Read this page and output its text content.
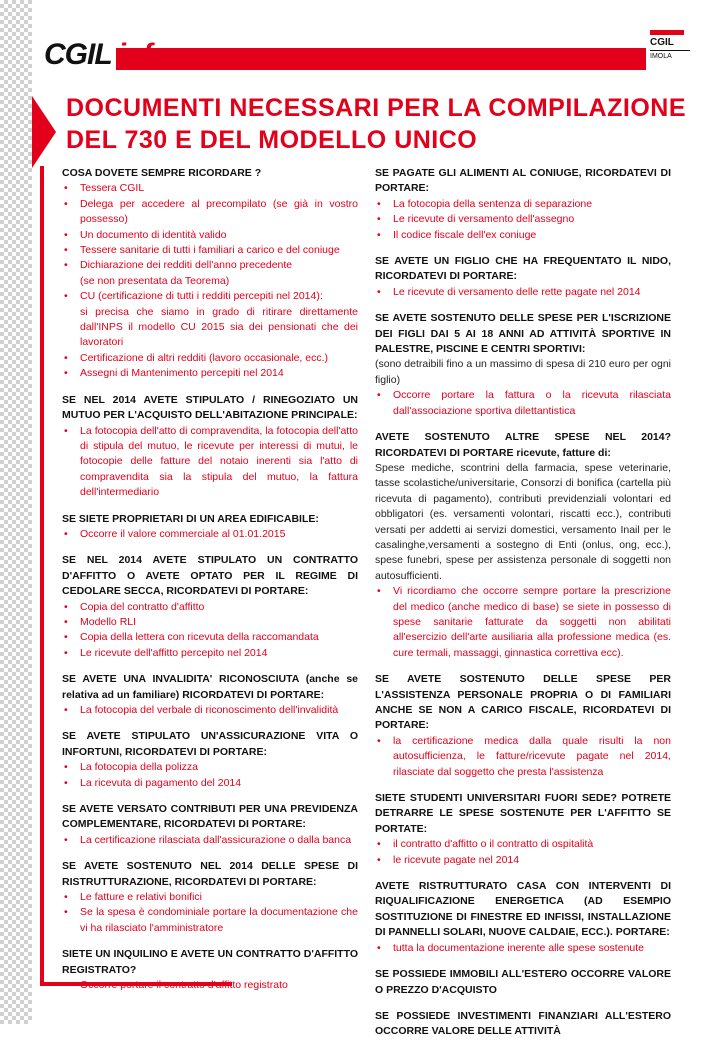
CGIL informa	CGIL
IMOLA
DOCUMENTI NECESSARI PER LA COMPILAZIONE
DEL 730 E DEL MODELLO UNICO
COSA DOVETE SEMPRE RICORDARE ?
• Tessera CGIL
• Delega per accedere al precompilato (se già in vostro possesso)
• Un documento di identità valido
• Tessere sanitarie di tutti i familiari a carico e del coniuge
• Dichiarazione dei redditi dell'anno precedente
(se non presentata da Teorema)
• CU (certificazione di tutti i redditi percepiti nel 2014):
si precisa che siamo in grado di ritirare direttamente dall'INPS il modello CU 2015 sia dei pensionati che dei lavoratori
• Certificazione di altri redditi (lavoro occasionale, ecc.)
• Assegni di Mantenimento percepiti nel 2014
SE NEL 2014 AVETE STIPULATO / RINEGOZIATO UN MUTUO PER L'ACQUISTO DELL'ABITAZIONE PRINCIPALE:
• La fotocopia dell'atto di compravendita, la fotocopia dell'atto di stipula del mutuo, le ricevute per interessi di mutui, le fotocopie delle fatture del notaio inerenti sia l'atto di compravendita sia la stipula del mutuo, la fattura dell'intermediario
SE SIETE PROPRIETARI DI UN AREA EDIFICABILE:
• Occorre il valore commerciale al 01.01.2015
SE NEL 2014 AVETE STIPULATO UN CONTRATTO D'AFFITTO O AVETE OPTATO PER IL REGIME DI CEDOLARE SECCA, RICORDATEVI DI PORTARE:
• Copia del contratto d'affitto
• Modello RLI
• Copia della lettera con ricevuta della raccomandata
• Le ricevute dell'affitto percepito nel 2014
SE AVETE UNA INVALIDITA' RICONOSCIUTA (anche se relativa ad un familiare) RICORDATEVI DI PORTARE:
• La fotocopia del verbale di riconoscimento dell'invalidità
SE AVETE STIPULATO UN'ASSICURAZIONE VITA O INFORTUNI, RICORDATEVI DI PORTARE:
• La fotocopia della polizza
• La ricevuta di pagamento del 2014
SE AVETE VERSATO CONTRIBUTI PER UNA PREVIDENZA COMPLEMENTARE, RICORDATEVI DI PORTARE:
• La certificazione rilasciata dall'assicurazione o dalla banca
SE AVETE SOSTENUTO NEL 2014 DELLE SPESE DI RISTRUTTURAZIONE, RICORDATEVI DI PORTARE:
• Le fatture e relativi bonifici
• Se la spesa è condominiale portare la documentazione che vi ha rilasciato l'amministratore
SIETE UN INQUILINO E AVETE UN CONTRATTO D'AFFITTO REGISTRATO?
• Occorre portare il contratto d'affitto registrato
SE PAGATE GLI ALIMENTI AL CONIUGE, RICORDATEVI DI PORTARE:
• La fotocopia della sentenza di separazione
• Le ricevute di versamento dell'assegno
• Il codice fiscale dell'ex coniuge
SE AVETE UN FIGLIO CHE HA FREQUENTATO IL NIDO, RICORDATEVI DI PORTARE:
• Le ricevute di versamento delle rette pagate nel 2014
SE AVETE SOSTENUTO DELLE SPESE PER L'ISCRIZIONE DEI FIGLI DAI 5 AI 18 ANNI AD ATTIVITÀ SPORTIVE IN PALESTRE, PISCINE E CENTRI SPORTIVI:
(sono detraibili fino a un massimo di spesa di 210 euro per ogni figlio)
• Occorre portare la fattura o la ricevuta rilasciata dall'associazione sportiva dilettantistica
AVETE SOSTENUTO ALTRE SPESE NEL 2014? RICORDATEVI DI PORTARE ricevute, fatture di:
Spese mediche, scontrini della farmacia, spese veterinarie, tasse scolastiche/universitarie, Consorzi di bonifica (cartella più ricevuta di pagamento), contributi previdenziali volontari ed obbligatori (es. versamenti volontari, riscatti ecc.), contributi versati per addetti ai servizi domestici, versamento Inail per le casalinghe,versamenti a sostegno di Enti (onlus, ong, ecc.), spese funebri, spese per assistenza personale di soggetti non autosufficienti.
• Vi ricordiamo che occorre sempre portare la prescrizione del medico (anche medico di base) se siete in possesso di spese sanitarie fatturate da soggetti non abilitati all'esercizio dell'arte ausiliaria alla professione medica (es. cure termali, massaggi, ginnastica correttiva ecc).
SE AVETE SOSTENUTO DELLE SPESE PER L'ASSISTENZA PERSONALE PROPRIA O DI FAMILIARI ANCHE SE NON A CARICO FISCALE, RICORDATEVI DI PORTARE:
• la certificazione medica dalla quale risulti la non autosufficienza, le fatture/ricevute pagate nel 2014, rilasciate dal soggetto che presta l'assistenza
SIETE STUDENTI UNIVERSITARI FUORI SEDE? POTRETE DETRARRE LE SPESE SOSTENUTE PER L'AFFITTO SE PORTATE:
• il contratto d'affitto o il contratto di ospitalità
• le ricevute pagate nel 2014
AVETE RISTRUTTURATO CASA CON INTERVENTI DI RIQUALIFICAZIONE ENERGETICA (AD ESEMPIO SOSTITUZIONE DI FINESTRE ED INFISSI, INSTALLAZIONE DI PANNELLI SOLARI, NUOVE CALDAIE, ECC.). PORTARE:
• tutta la documentazione inerente alle spese sostenute
SE POSSIEDE IMMOBILI ALL'ESTERO OCCORRE VALORE O PREZZO D'ACQUISTO
SE POSSIEDE INVESTIMENTI FINANZIARI ALL'ESTERO OCCORRE VALORE DELLE ATTIVITÀ
